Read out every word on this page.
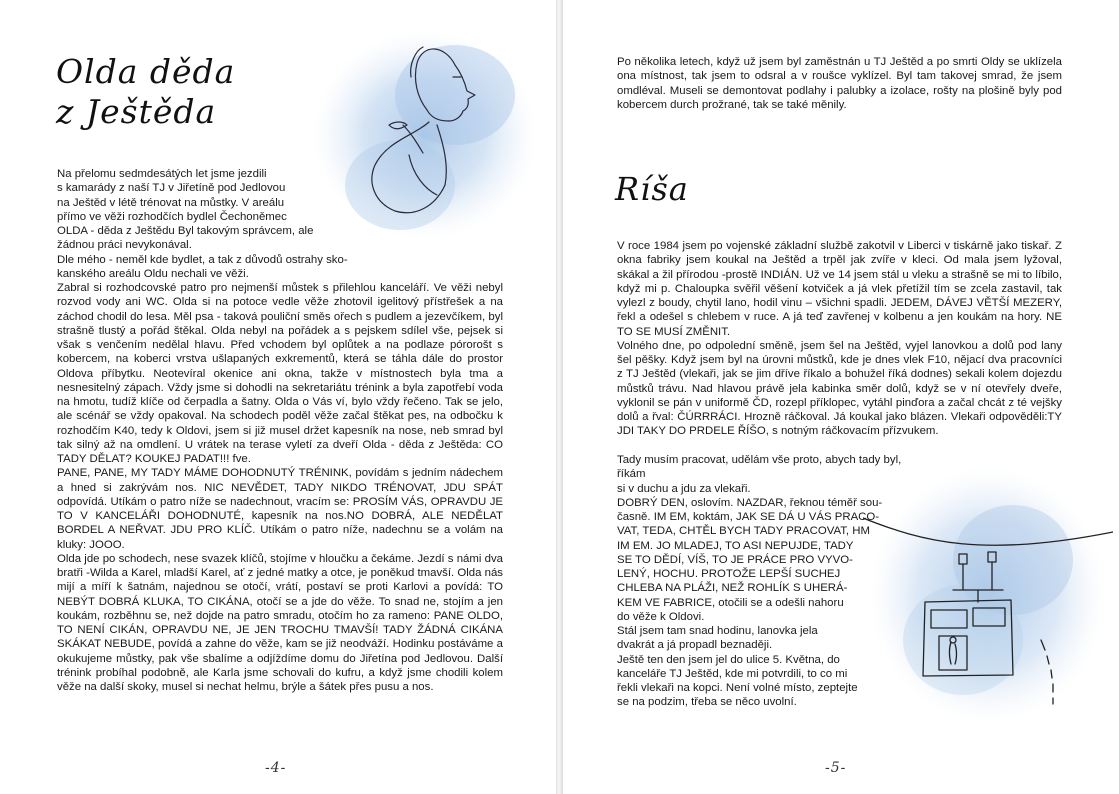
Olda děda
z Ještěda

Na přelomu sedmdesátých let jsme jezdili

s kamarády z naší TJ v Jiřetíně pod Jedlovou

na Ještěd v létě trénovat na můstky. V areálu

přímo ve věži rozhodčích bydlel Čechoněmec

OLDA - děda z Ještědu Byl takovým správcem, ale

žádnou práci nevykonával.

Dle mého - neměl kde bydlet, a tak z důvodů ostrahy sko-

kanského areálu Oldu nechali ve věži.

Zabral si rozhodcovské patro pro nejmenší můstek s přilehlou kanceláří. Ve věži nebyl rozvod vody ani WC. Olda si na potoce vedle věže zhotovil igelitový přístřešek a na záchod chodil do lesa. Měl psa - taková pouliční směs ořech s pudlem a jezevčíkem, byl strašně tlustý a pořád štěkal. Olda nebyl na pořádek a s pejskem sdílel vše, pejsek si však s venčením nedělal hlavu. Před vchodem byl oplůtek a na podlaze pórorošt s kobercem, na koberci vrstva ušlapaných exkrementů, která se táhla dále do prostor Oldova příbytku. Neotevíral okenice ani okna, takže v místnostech byla tma a nesnesitelný zápach. Vždy jsme si dohodli na sekretariátu trénink a byla zapotřebí voda na hmotu, tudíž klíče od čerpadla a šatny. Olda o Vás ví, bylo vždy řečeno. Tak se jelo, ale scénář se vždy opakoval. Na schodech poděl věže začal štěkat pes, na odbočku k rozhodčím K40, tedy k Oldovi, jsem si již musel držet kapesník na nose, neb smrad byl tak silný až na omdlení. U vrátek na terase vyletí za dveří Olda - děda z Ještěda: CO TADY DĚLAT? KOUKEJ PADAT!!! fve.

PANE, PANE, MY TADY MÁME DOHODNUTÝ TRÉNINK, povídám s jedním nádechem a hned si zakrývám nos. NIC NEVĚDET, TADY NIKDO TRÉNOVAT, JDU SPÁT odpovídá. Utíkám o patro níže se nadechnout, vracím se: PROSÍM VÁS, OPRAVDU JE TO V KANCELÁŘI DOHODNUTÉ, kapesník na nos.NO DOBRÁ, ALE NEDĚLAT BORDEL A NEŘVAT. JDU PRO KLÍČ. Utíkám o patro níže, nadechnu se a volám na kluky: JOOO.

Olda jde po schodech, nese svazek klíčů, stojíme v hloučku a čekáme. Jezdí s námi dva bratři -Wilda a Karel, mladší Karel, ať z jedné matky a otce, je poněkud tmavší. Olda nás mijí a míří k šatnám, najednou se otočí, vrátí, postaví se proti Karlovi a povídá: TO NEBÝT DOBRÁ KLUKA, TO CIKÁNA, otočí se a jde do věže. To snad ne, stojím a jen koukám, rozběhnu se, než dojde na patro smradu, otočím ho za rameno: PANE OLDO, TO NENÍ CIKÁN, OPRAVDU NE, JE JEN TROCHU TMAVŠÍ! TADY ŽÁDNÁ CIKÁNA SKÁKAT NEBUDE, povídá a zahne do věže, kam se již neodváží. Hodinku postáváme a okukujeme můstky, pak vše sbalíme a odjíždíme domu do Jiřetína pod Jedlovou. Další trénink probíhal podobně, ale Karla jsme schovali do kufru, a když jsme chodili kolem věže na další skoky, musel si nechat helmu, brýle a šátek přes pusu a nos.

-4-

Po několika letech, když už jsem byl zaměstnán u TJ Ještěd a po smrti Oldy se uklízela ona místnost, tak jsem to odsral a v roušce vyklízel. Byl tam takovej smrad, že jsem omdléval. Museli se demontovat podlahy i palubky a izolace, rošty na plošině byly pod kobercem durch prožrané, tak se také měnily.

Ríša

V roce 1984 jsem po vojenské základní službě zakotvil v Liberci v tiskárně jako tiskař. Z okna fabriky jsem koukal na Ještěd a trpěl jak zvíře v kleci. Od mala jsem lyžoval, skákal a žil přírodou -prostě INDIÁN. Už ve 14 jsem stál u vleku a strašně se mi to líbilo, když mi p. Chaloupka svěřil věšení kotviček a já vlek přetížil tím se zcela zastavil, tak vylezl z boudy, chytil lano, hodil vinu – všichni spadli. JEDEM, DÁVEJ VĚTŠÍ MEZERY, řekl a odešel s chlebem v ruce. A já teď zavřenej v kolbenu a jen koukám na hory. NE TO SE MUSÍ ZMĚNIT.

Volného dne, po odpolední směně, jsem šel na Ještěd, vyjel lanovkou a dolů pod lany šel pěšky. Když jsem byl na úrovni můstků, kde je dnes vlek F10, nějací dva pracovníci z TJ Ještěd (vlekaři, jak se jim dříve říkalo a bohužel říká dodnes) sekali kolem dojezdu můstků trávu. Nad hlavou právě jela kabinka směr dolů, když se v ní otevřely dveře, vyklonil se pán v uniformě ČD, rozepl příklopec, vytáhl pinďora a začal chcát z té vejšky dolů a řval: ČÚRRRÁCI. Hrozně ráčkoval. Já koukal jako blázen. Vlekaři odpověděli:TY JDI TAKY DO PRDELE ŘÍŠO, s notným ráčkovacím přízvukem.

Tady musím pracovat, udělám vše proto, abych tady byl, říkám

si v duchu a jdu za vlekaři.

DOBRÝ DEN, oslovím. NAZDAR, řeknou téměř sou-

časně. IM EM, koktám, JAK SE DÁ U VÁS PRACO-

VAT, TEDA, CHTĚL BYCH TADY PRACOVAT, HM

IM EM. JO MLADEJ, TO ASI NEPUJDE, TADY

SE TO DĚDÍ, VÍŠ, TO JE PRÁCE PRO VYVO-

LENÝ, HOCHU. PROTOŽE LEPŠÍ SUCHEJ

CHLEBA NA PLÁŽI, NEŽ ROHLÍK S UHERÁ-

KEM VE FABRICE, otočili se a odešli nahoru

do věže k Oldovi.

Stál jsem tam snad hodinu, lanovka jela

dvakrát a já propadl beznaději.

Ještě ten den jsem jel do ulice 5. Května, do

kanceláře TJ Ještěd, kde mi potvrdili, to co mi

řekli vlekaři na kopci. Není volné místo, zeptejte

se na podzim, třeba se něco uvolní.

-5-
